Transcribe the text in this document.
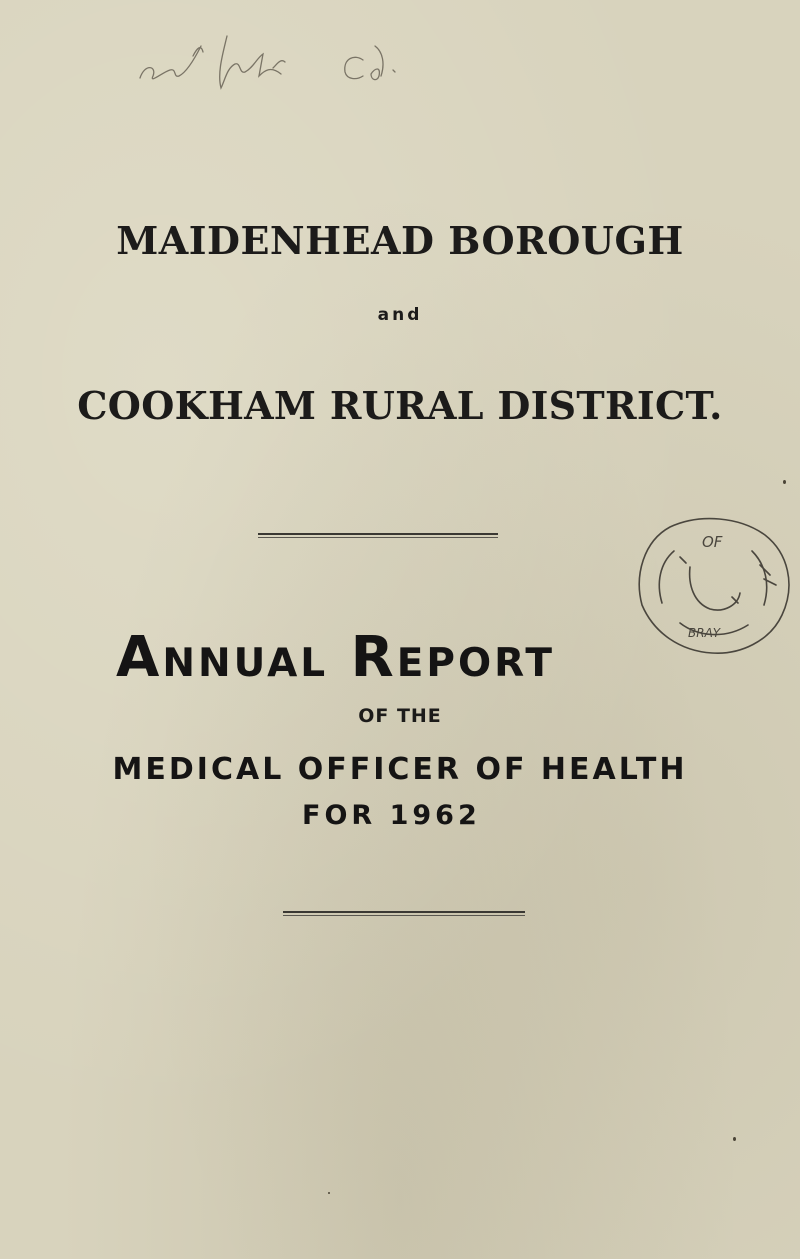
MAIDENHEAD BOROUGH
and
COOKHAM RURAL DISTRICT.
OF
BRAY
Annual Report
OF THE
MEDICAL OFFICER OF HEALTH
FOR 1962
